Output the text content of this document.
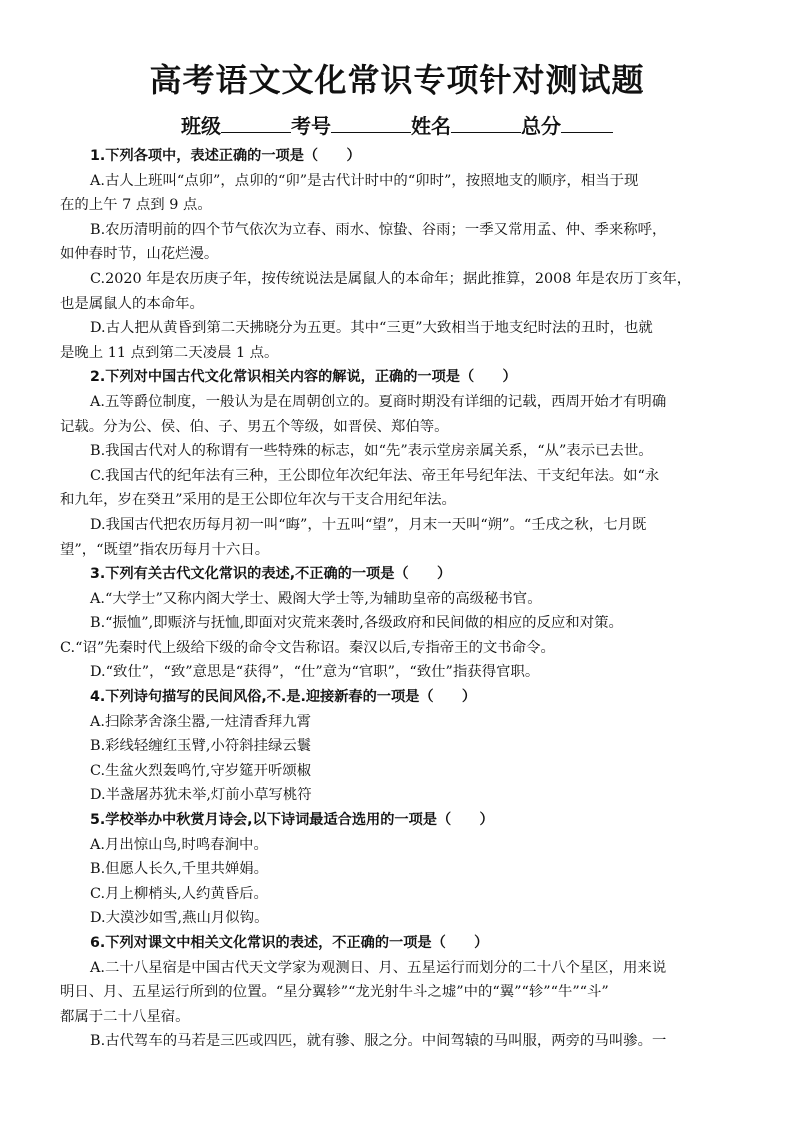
高考语文文化常识专项针对测试题
班级	考号	姓名	总分
1.下列各项中，表述正确的一项是（　　）
A.古人上班叫“点卯”，点卯的“卯”是古代计时中的“卯时”，按照地支的顺序，相当于现
在的上午 7 点到 9 点。
B.农历清明前的四个节气依次为立春、雨水、惊蛰、谷雨；一季又常用孟、仲、季来称呼，
如仲春时节，山花烂漫。
C.2020 年是农历庚子年，按传统说法是属鼠人的本命年；据此推算，2008 年是农历丁亥年，
也是属鼠人的本命年。
D.古人把从黄昏到第二天拂晓分为五更。其中“三更”大致相当于地支纪时法的丑时，也就
是晚上 11 点到第二天凌晨 1 点。
2.下列对中国古代文化常识相关内容的解说，正确的一项是（　　）
A.五等爵位制度，一般认为是在周朝创立的。夏商时期没有详细的记载，西周开始才有明确
记载。分为公、侯、伯、子、男五个等级，如晋侯、郑伯等。
B.我国古代对人的称谓有一些特殊的标志，如“先”表示堂房亲属关系，“从”表示已去世。
C.我国古代的纪年法有三种，王公即位年次纪年法、帝王年号纪年法、干支纪年法。如“永
和九年，岁在癸丑”采用的是王公即位年次与干支合用纪年法。
D.我国古代把农历每月初一叫“晦”，十五叫“望”，月末一天叫“朔”。“壬戌之秋，七月既
望”，“既望”指农历每月十六日。
3.下列有关古代文化常识的表述,不正确的一项是（　　）
A.“大学士”又称内阁大学士、殿阁大学士等,为辅助皇帝的高级秘书官。
B.“振恤”,即赈济与抚恤,即面对灾荒来袭时,各级政府和民间做的相应的反应和对策。
C.“诏”先秦时代上级给下级的命令文告称诏。秦汉以后,专指帝王的文书命令。
D.“致仕”，“致”意思是“获得”，“仕”意为“官职”，“致仕”指获得官职。
4.下列诗句描写的民间风俗,不.是.迎接新春的一项是（　　）
A.扫除茅舍涤尘嚣,一炷清香拜九霄
B.彩线轻缠红玉臂,小符斜挂绿云鬟
C.生盆火烈轰鸣竹,守岁筵开听颂椒
D.半盏屠苏犹未举,灯前小草写桃符
5.学校举办中秋赏月诗会,以下诗词最适合选用的一项是（　　）
A.月出惊山鸟,时鸣春涧中。
B.但愿人长久,千里共婵娟。
C.月上柳梢头,人约黄昏后。
D.大漠沙如雪,燕山月似钩。
6.下列对课文中相关文化常识的表述，不正确的一项是（　　）
A.二十八星宿是中国古代天文学家为观测日、月、五星运行而划分的二十八个星区，用来说
明日、月、五星运行所到的位置。“星分翼轸”“龙光射牛斗之墟”中的“翼”“轸”“牛”“斗”
都属于二十八星宿。
B.古代驾车的马若是三匹或四匹，就有骖、服之分。中间驾辕的马叫服，两旁的马叫骖。一
